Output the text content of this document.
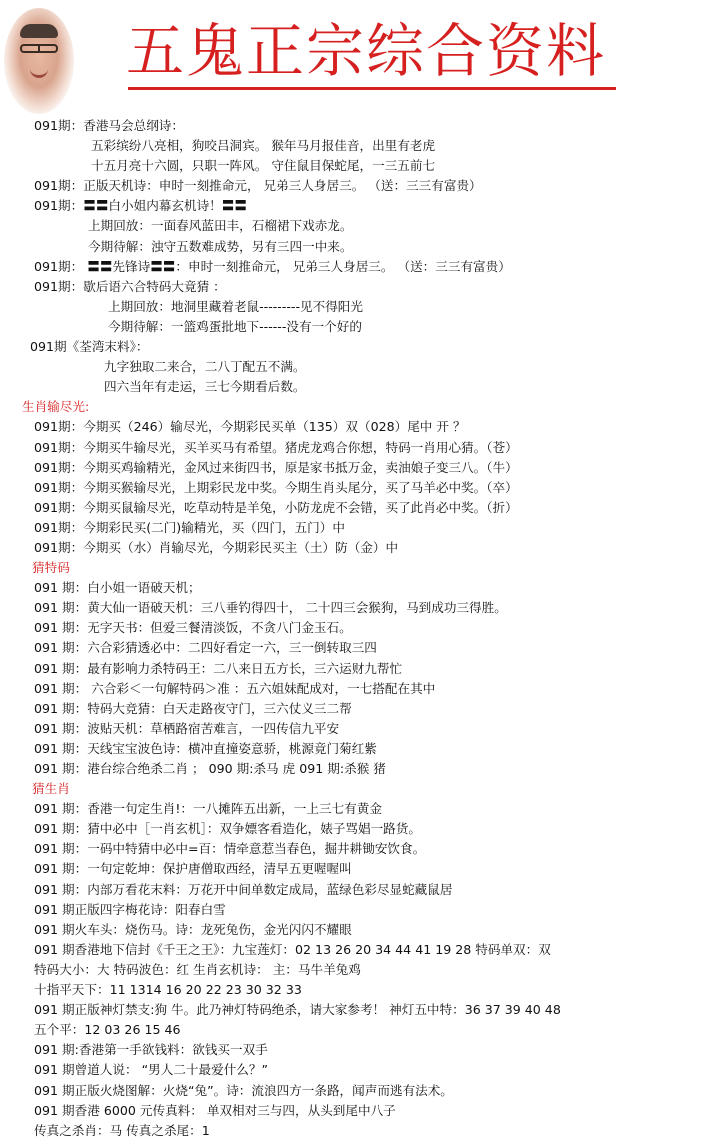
五鬼正宗综合资料
091期：香港马会总纲诗：
五彩缤纷八亮相，狗咬吕洞宾。 猴年马月报佳音，出里有老虎
十五月亮十六圆，只职一阵风。 守住鼠目保蛇尾，一三五前七
091期：正版天机诗：申时一刻推命元， 兄弟三人身居三。 （送：三三有富贵）
091期：〓〓白小姐内幕玄机诗！〓〓
上期回放：一面春风蓝田丰，石榴裙下戏赤龙。
今期待解：浊守五数难成势，另有三四一中来。
091期： 〓〓先锋诗〓〓：申时一刻推命元， 兄弟三人身居三。 （送：三三有富贵）
091期：歇后语六合特码大竟猜 ：
上期回放：地洞里藏着老鼠---------见不得阳光
今期待解：一篮鸡蛋批地下------没有一个好的
091期《荃湾末料》：
九字独取二来合，二八丁配五不满。
四六当年有走运，三七今期看后数。
生肖输尽光:
091期：今期买（246）输尽光，今期彩民买单（135）双（028）尾中 开 ？
091期：今期买牛输尽光，买羊买马有希望。猪虎龙鸡合你想，特码一肖用心猜。（苍）
091期：今期买鸡输精光，金风过来街四书，原是家书抵万金，卖油娘子变三八。（牛）
091期：今期买猴输尽光，上期彩民龙中奖。今期生肖头尾分，买了马羊必中奖。（卒）
091期：今期买鼠输尽光，吃草动特是羊兔，小防龙虎不会错，买了此肖必中奖。（折）
091期：今期彩民买(二门)输精光，买（四门，五门）中
091期：今期买（水）肖输尽光，今期彩民买主（土）防（金）中
猜特码
091 期：白小姐一语破天机；
091 期：黄大仙一语破天机：三八垂钓得四十， 二十四三会猴狗，马到成功三得胜。
091 期：无字天书：但爱三餐清淡饭，不贪八门金玉石。
091 期：六合彩猜透必中：二四好看定一六，三一倒转取三四
091 期：最有影响力杀特码王：二八来日五方长，三六运财九帮忙
091 期： 六合彩＜一句解特码＞准 ：五六姐妹配成对，一七搭配在其中
091 期：特码大竞猜：白天走路夜守门，三六仗义三二帮
091 期：波贴天机：草栖路宿苦难言，一四传信九平安
091 期：天线宝宝波色诗：横冲直撞姿意骄，桃源竟门菊红紫
091 期：港台综合绝杀二肖 ； 090 期:杀马 虎 091 期:杀猴 猪
猜生肖
091 期：香港一句定生肖!：一八摊阵五出新，一上三七有黄金
091 期：猜中必中［一肖玄机］：双争嫖客看造化，婊子骂娼一路货。
091 期：一码中特猜中必中=百：情牵意惹当春色，掘井耕锄安饮食。
091 期：一句定乾坤：保护唐僧取西经，清早五更喔喔叫
091 期：内部万看花末料：万花开中间单数定成局，蓝绿色彩尽显蛇藏鼠居
091 期正版四字梅花诗：阳春白雪
091 期火车头：烧伤马。诗：龙死兔伤，金光闪闪不耀眼
091 期香港地下信封《千王之王》：九宝莲灯：02 13 26 20 34 44 41 19 28 特码单双：双
特码大小：大 特码波色：红 生肖玄机诗： 主：马牛羊兔鸡
十指平天下：11 1314 16 20 22 23 30 32 33
091 期正版神灯禁支:狗 牛。此乃神灯特码绝杀，请大家参考！ 神灯五中特：36 37 39 40 48
五个平：12 03 26 15 46
091 期:香港第一手欲钱料：欲钱买一双手
091 期曾道人说： “男人二十最爱什么？”
091 期正版火烧图解：火烧“兔”。诗：流浪四方一条路，闻声而逃有法术。
091 期香港 6000 元传真料： 单双相对三与四，从头到尾中八子
传真之杀肖：马 传真之杀尾：1
